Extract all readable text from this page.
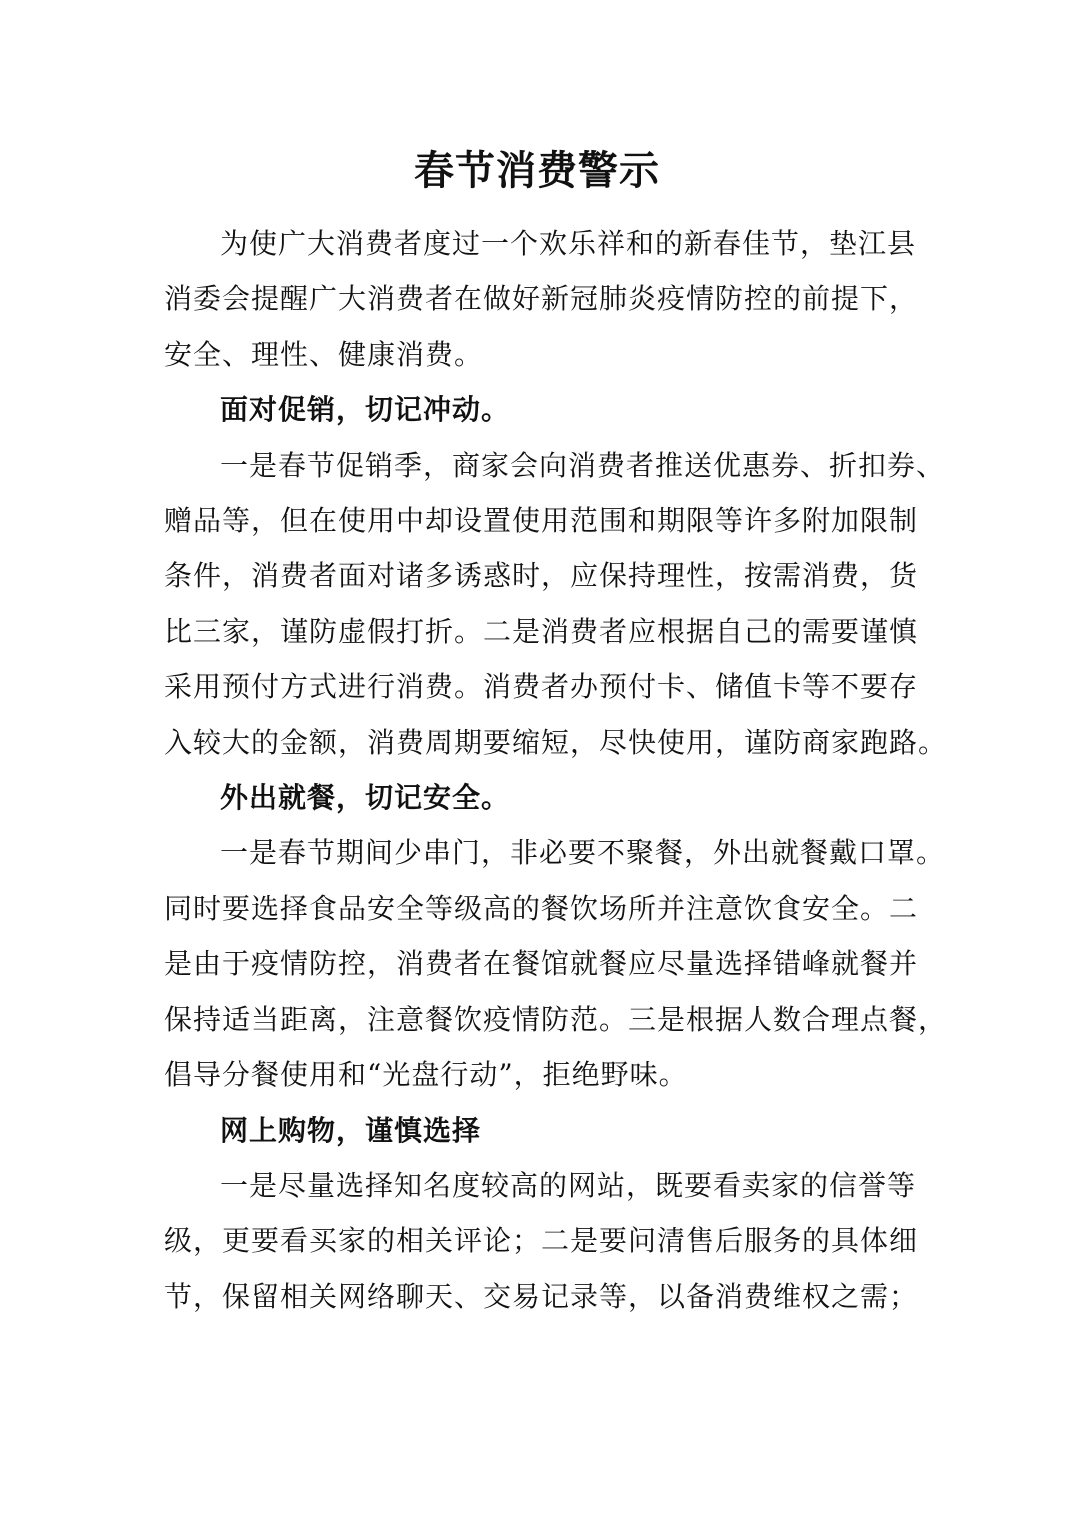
春节消费警示

为使广大消费者度过一个欢乐祥和的新春佳节，垫江县
消委会提醒广大消费者在做好新冠肺炎疫情防控的前提下，
安全、理性、健康消费。

面对促销，切记冲动。

一是春节促销季，商家会向消费者推送优惠券、折扣券、
赠品等，但在使用中却设置使用范围和期限等许多附加限制
条件，消费者面对诸多诱惑时，应保持理性，按需消费，货
比三家，谨防虚假打折。二是消费者应根据自己的需要谨慎
采用预付方式进行消费。消费者办预付卡、储值卡等不要存
入较大的金额，消费周期要缩短，尽快使用，谨防商家跑路。

外出就餐，切记安全。

一是春节期间少串门，非必要不聚餐，外出就餐戴口罩。
同时要选择食品安全等级高的餐饮场所并注意饮食安全。二
是由于疫情防控，消费者在餐馆就餐应尽量选择错峰就餐并
保持适当距离，注意餐饮疫情防范。三是根据人数合理点餐，
倡导分餐使用和“光盘行动”，拒绝野味。

网上购物，谨慎选择

一是尽量选择知名度较高的网站，既要看卖家的信誉等
级，更要看买家的相关评论；二是要问清售后服务的具体细
节，保留相关网络聊天、交易记录等，以备消费维权之需；
